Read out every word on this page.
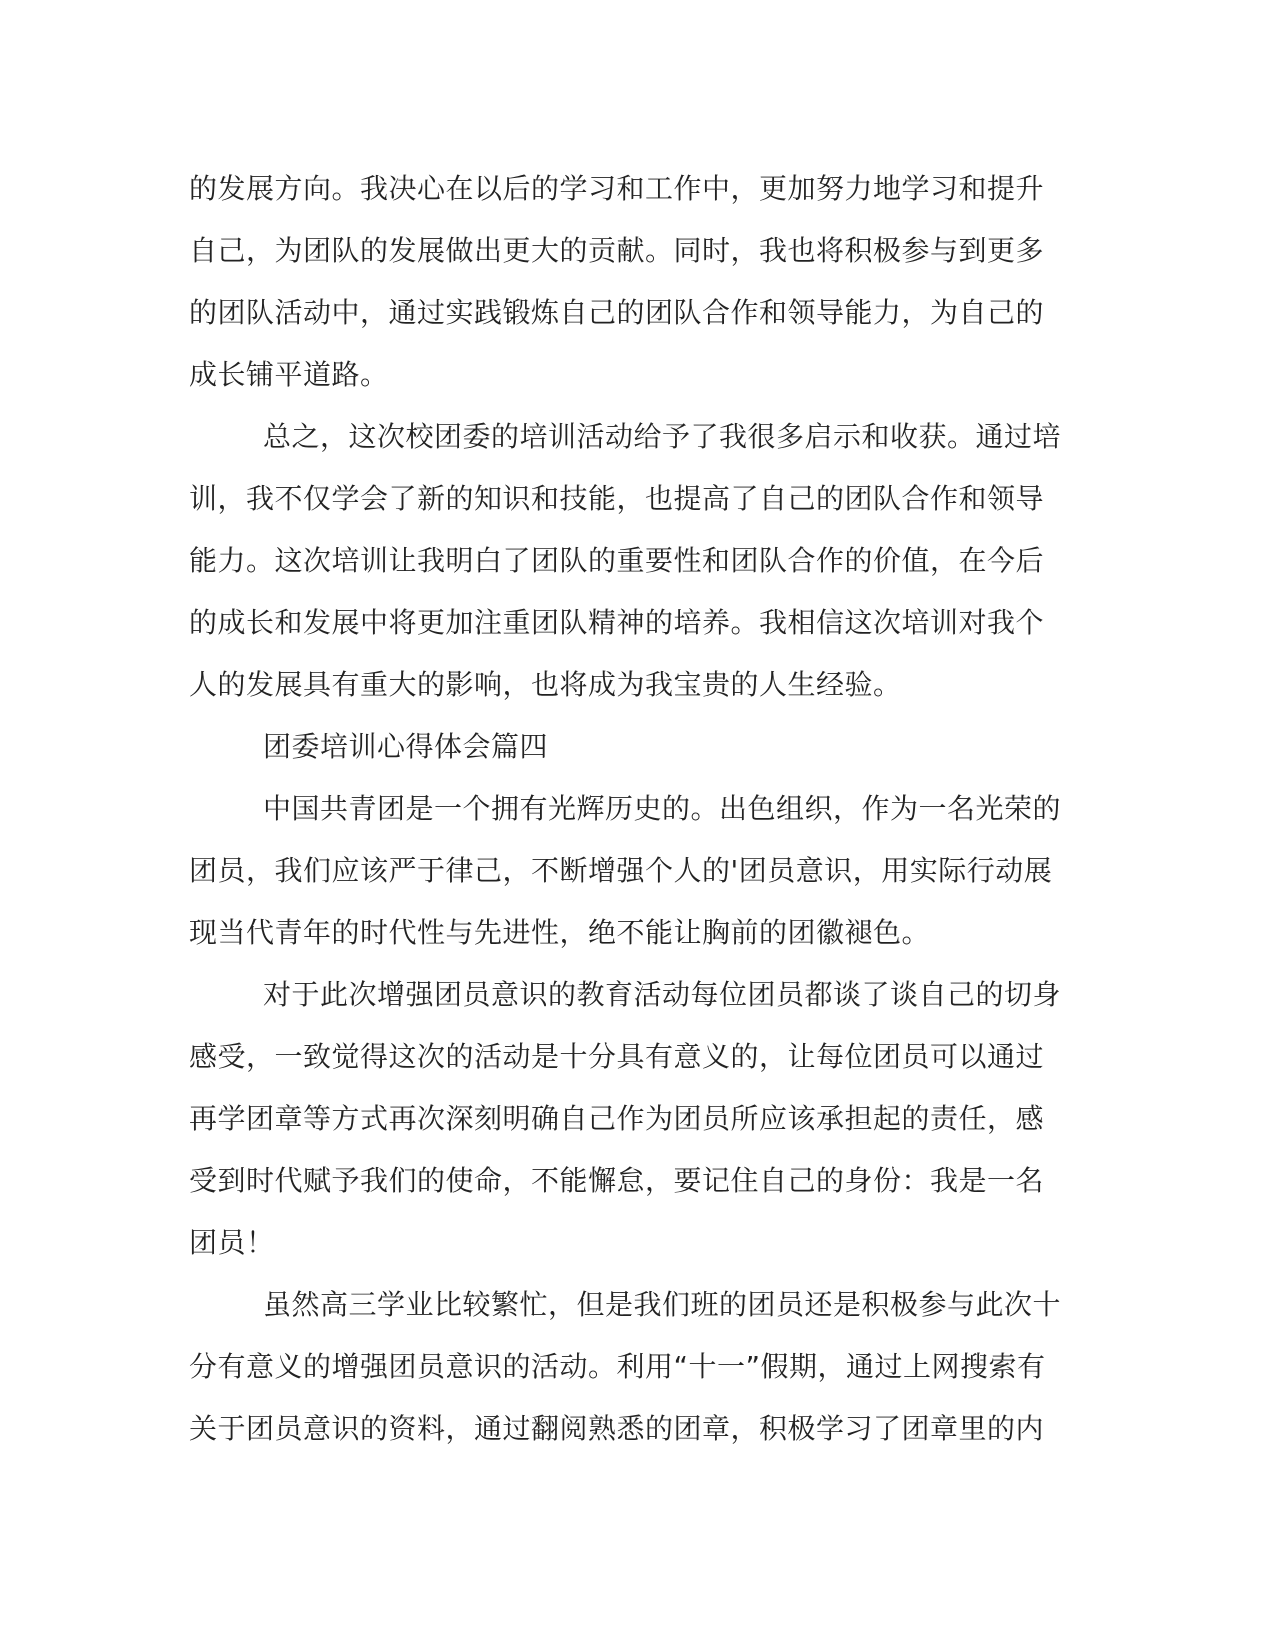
的发展方向。我决心在以后的学习和工作中，更加努力地学习和提升
自己，为团队的发展做出更大的贡献。同时，我也将积极参与到更多
的团队活动中，通过实践锻炼自己的团队合作和领导能力，为自己的
成长铺平道路。
总之，这次校团委的培训活动给予了我很多启示和收获。通过培
训，我不仅学会了新的知识和技能，也提高了自己的团队合作和领导
能力。这次培训让我明白了团队的重要性和团队合作的价值，在今后
的成长和发展中将更加注重团队精神的培养。我相信这次培训对我个
人的发展具有重大的影响，也将成为我宝贵的人生经验。
团委培训心得体会篇四
中国共青团是一个拥有光辉历史的。出色组织，作为一名光荣的
团员，我们应该严于律己，不断增强个人的'团员意识，用实际行动展
现当代青年的时代性与先进性，绝不能让胸前的团徽褪色。
对于此次增强团员意识的教育活动每位团员都谈了谈自己的切身
感受，一致觉得这次的活动是十分具有意义的，让每位团员可以通过
再学团章等方式再次深刻明确自己作为团员所应该承担起的责任，感
受到时代赋予我们的使命，不能懈怠，要记住自己的身份：我是一名
团员！
虽然高三学业比较繁忙，但是我们班的团员还是积极参与此次十
分有意义的增强团员意识的活动。利用“十一”假期，通过上网搜索有
关于团员意识的资料，通过翻阅熟悉的团章，积极学习了团章里的内
